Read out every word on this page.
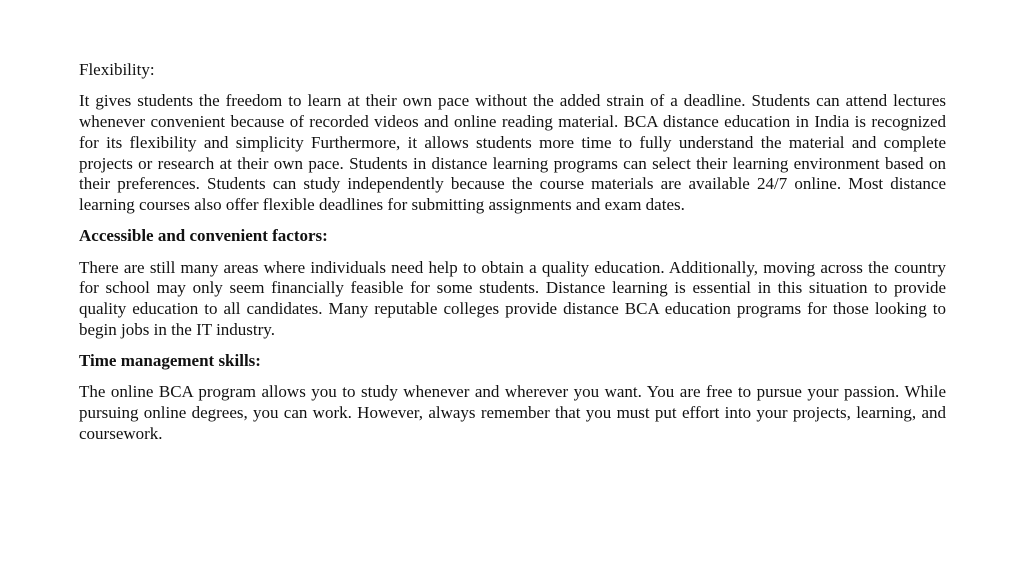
Flexibility:
It gives students the freedom to learn at their own pace without the added strain of a deadline. Students can attend lectures whenever convenient because of recorded videos and online reading material. BCA distance education in India is recognized for its flexibility and simplicity Furthermore, it allows students more time to fully understand the material and complete projects or research at their own pace. Students in distance learning programs can select their learning environment based on their preferences. Students can study independently because the course materials are available 24/7 online. Most distance learning courses also offer flexible deadlines for submitting assignments and exam dates.
Accessible and convenient factors:
There are still many areas where individuals need help to obtain a quality education. Additionally, moving across the country for school may only seem financially feasible for some students. Distance learning is essential in this situation to provide quality education to all candidates. Many reputable colleges provide distance BCA education programs for those looking to begin jobs in the IT industry.
Time management skills:
The online BCA program allows you to study whenever and wherever you want. You are free to pursue your passion. While pursuing online degrees, you can work. However, always remember that you must put effort into your projects, learning, and coursework.
